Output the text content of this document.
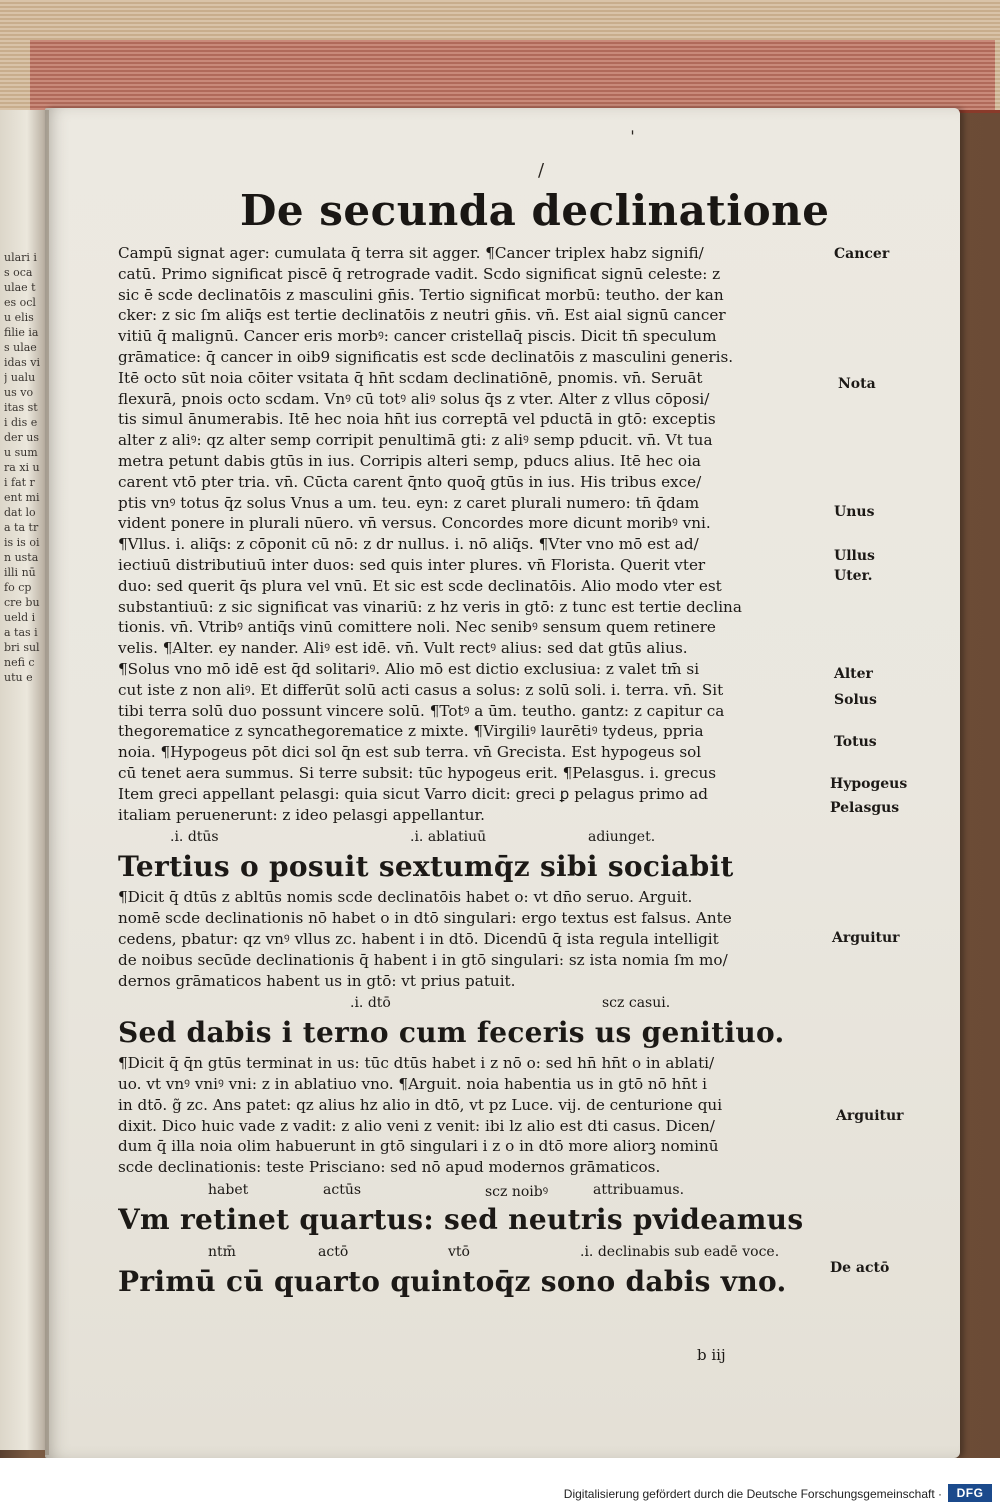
ulari is oca ulae tes oclu elis filie ias ulae idas vij ualu us vo itas sti dis eder usu sum ra xi ui fat r ent mi dat lo a ta tris is oin usta illi nū fo cp cre bu ueld ia tas ibri sul nefi cutu e
De secunda declinatione
Campū signat ager: cumulata q̄ terra sit agger. ¶Cancer triplex habz signifi/
catū. Primo significat piscē q̄ retrograde vadit. Scdo significat signū celeste: z
sic ē scde declinatōis z masculini gn̄is. Tertio significat morbū: teutho. der kan
cker: z sic ſm aliq̄s est tertie declinatōis z neutri gn̄is. vn̄. Est aial signū cancer
vitiū q̄ malignū. Cancer eris morbꝰ: cancer cristellaq̄ piscis. Dicit tn̄ speculum
grāmatice: q̄ cancer in oib9 significatis est scde declinatōis z masculini generis.
Itē octo sūt noia cōiter vsitata q̄ hn̄t scdam declinatiōnē, pnomis. vn̄. Seruāt
flexurā, pnois octo scdam. Vnꝰ cū totꝰ aliꝰ solus q̄s z vter. Alter z vllus cōposi/
tis simul ānumerabis. Itē hec noia hn̄t ius correptā vel pductā in gtō: exceptis
alter z aliꝰ: qz alter semp corripit penultimā gti: z aliꝰ semp pducit. vn̄. Vt tua
metra petunt dabis gtūs in ius. Corripis alteri semp, pducs alius. Itē hec oia
carent vtō pter tria. vn̄. Cūcta carent q̄nto quoq̄ gtūs in ius. His tribus exce/
ptis vnꝰ totus q̄z solus Vnus a um. teu. eyn: z caret plurali numero: tn̄ q̄dam
vident ponere in plurali nūero. vn̄ versus. Concordes more dicunt moribꝰ vni.
¶Vllus. i. aliq̄s: z cōponit cū nō: z dr nullus. i. nō aliq̄s. ¶Vter vno mō est ad/
iectiuū distributiuū inter duos: sed quis inter plures. vn̄ Florista. Querit vter
duo: sed querit q̄s plura vel vnū. Et sic est scde declinatōis. Alio modo vter est
substantiuū: z sic significat vas vinariū: z hz veris in gtō: z tunc est tertie declina
tionis. vn̄. Vtribꝰ antiq̄s vinū comittere noli. Nec senibꝰ sensum quem retinere
velis. ¶Alter. ey nander. Aliꝰ est idē. vn̄. Vult rectꝰ alius: sed dat gtūs alius.
¶Solus vno mō idē est q̄d solitariꝰ. Alio mō est dictio exclusiua: z valet tm̄ si
cut iste z non aliꝰ. Et differūt solū acti casus a solus: z solū soli. i. terra. vn̄. Sit
tibi terra solū duo possunt vincere solū. ¶Totꝰ a ūm. teutho. gantz: z capitur ca
thegorematice z syncathegorematice z mixte. ¶Virgiliꝰ laurētiꝰ tydeus, ppria
noia. ¶Hypogeus pōt dici sol q̄n est sub terra. vn̄ Grecista. Est hypogeus sol
cū tenet aera summus. Si terre subsit: tūc hypogeus erit. ¶Pelasgus. i. grecus
Item greci appellant pelasgi: quia sicut Varro dicit: greci ꝑ pelagus primo ad
italiam peruenerunt: z ideo pelasgi appellantur.
.i. dtūs	.i. ablatiuū	adiunget.
Tertius o posuit sextumq̄z sibi sociabit
¶Dicit q̄ dtūs z abltūs nomis scde declinatōis habet o: vt dn̄o seruo. Arguit.
nomē scde declinationis nō habet o in dtō singulari: ergo textus est falsus. Ante
cedens, pbatur: qz vnꝰ vllus zc. habent i in dtō. Dicendū q̄ ista regula intelligit
de noibus secūde declinationis q̄ habent i in gtō singulari: sz ista nomia ſm mo/
dernos grāmaticos habent us in gtō: vt prius patuit.
.i. dtō	scz casui.
Sed dabis i terno cum feceris us genitiuo.
¶Dicit q̄ q̄n gtūs terminat in us: tūc dtūs habet i z nō o: sed hn̄ hn̄t o in ablati/
uo. vt vnꝰ vniꝰ vni: z in ablatiuo vno. ¶Arguit. noia habentia us in gtō nō hn̄t i
in dtō. g̃ zc. Ans patet: qz alius hz alio in dtō, vt pz Luce. vij. de centurione qui
dixit. Dico huic vade z vadit: z alio veni z venit: ibi lz alio est dti casus. Dicen/
dum q̄ illa noia olim habuerunt in gtō singulari i z o in dtō more aliorꝫ nominū
scde declinationis: teste Prisciano: sed nō apud modernos grāmaticos.
habet	actūs	scz noibꝰ	attribuamus.
Vm retinet quartus: sed neutris pvideamus
ntm̄	actō	vtō	.i. declinabis sub eadē voce.
Primū cū quarto quintoq̄z sono dabis vno.
b iij
Cancer
Nota
Unus
Ullus
Uter.
Alter
Solus
Totus
Hypogeus
Pelasgus
Arguitur
Arguitur
De actō
ˈ
/
Digitalisierung gefördert durch die Deutsche Forschungsgemeinschaft ·	DFG
